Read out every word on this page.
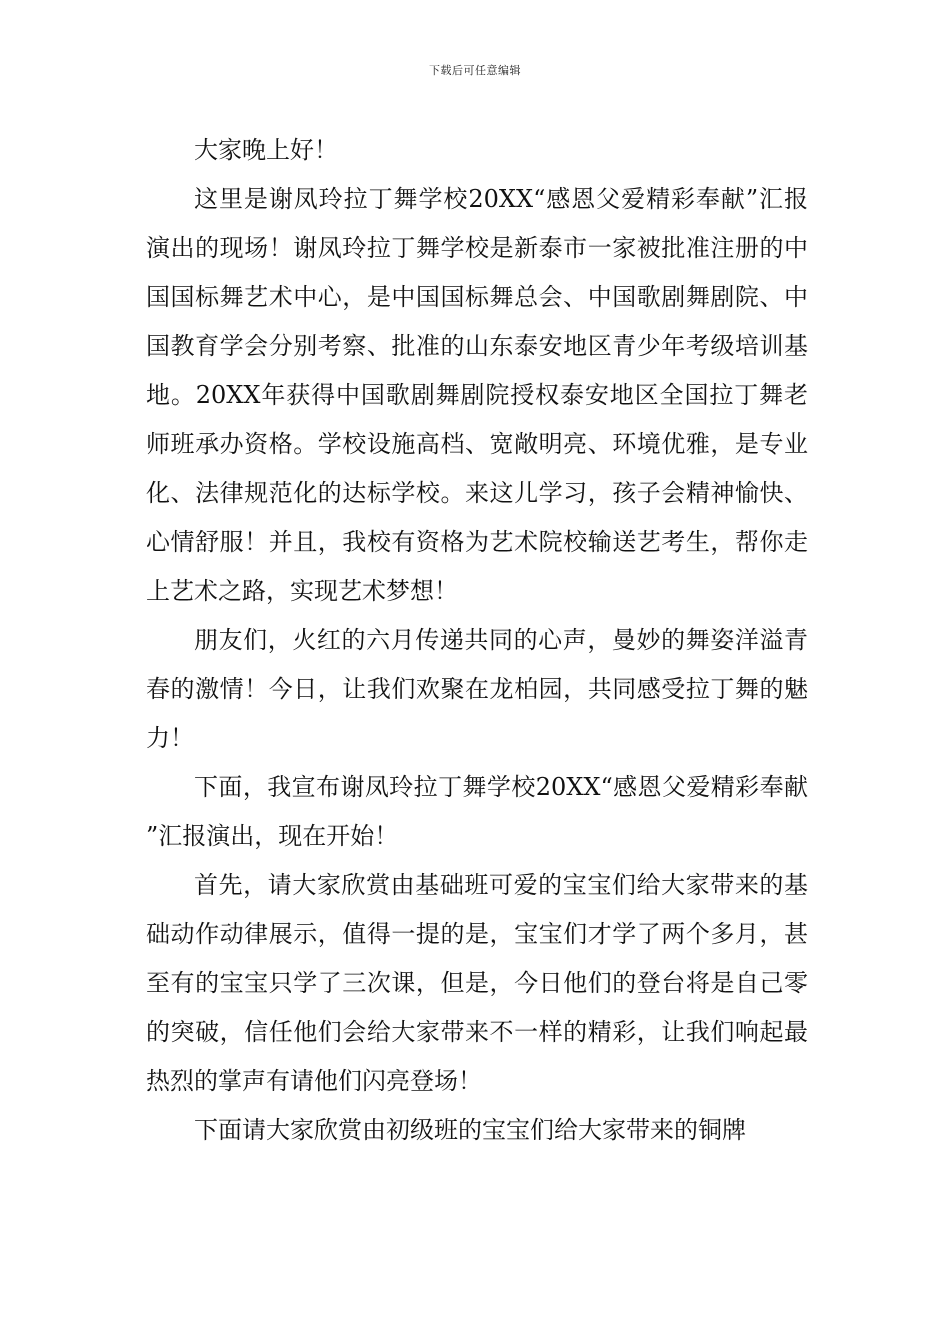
下载后可任意编辑

大家晚上好！

这里是谢凤玲拉丁舞学校20XX“感恩父爱精彩奉献”汇报演出的现场！谢凤玲拉丁舞学校是新泰市一家被批准注册的中国国标舞艺术中心，是中国国标舞总会、中国歌剧舞剧院、中国教育学会分别考察、批准的山东泰安地区青少年考级培训基地。20XX年获得中国歌剧舞剧院授权泰安地区全国拉丁舞老师班承办资格。学校设施高档、宽敞明亮、环境优雅，是专业化、法律规范化的达标学校。来这儿学习，孩子会精神愉快、心情舒服！并且，我校有资格为艺术院校输送艺考生，帮你走上艺术之路，实现艺术梦想！

朋友们，火红的六月传递共同的心声，曼妙的舞姿洋溢青春的激情！今日，让我们欢聚在龙柏园，共同感受拉丁舞的魅力！

下面，我宣布谢凤玲拉丁舞学校20XX“感恩父爱精彩奉献”汇报演出，现在开始！

首先，请大家欣赏由基础班可爱的宝宝们给大家带来的基础动作动律展示，值得一提的是，宝宝们才学了两个多月，甚至有的宝宝只学了三次课，但是，今日他们的登台将是自己零的突破，信任他们会给大家带来不一样的精彩，让我们响起最热烈的掌声有请他们闪亮登场！

下面请大家欣赏由初级班的宝宝们给大家带来的铜牌
